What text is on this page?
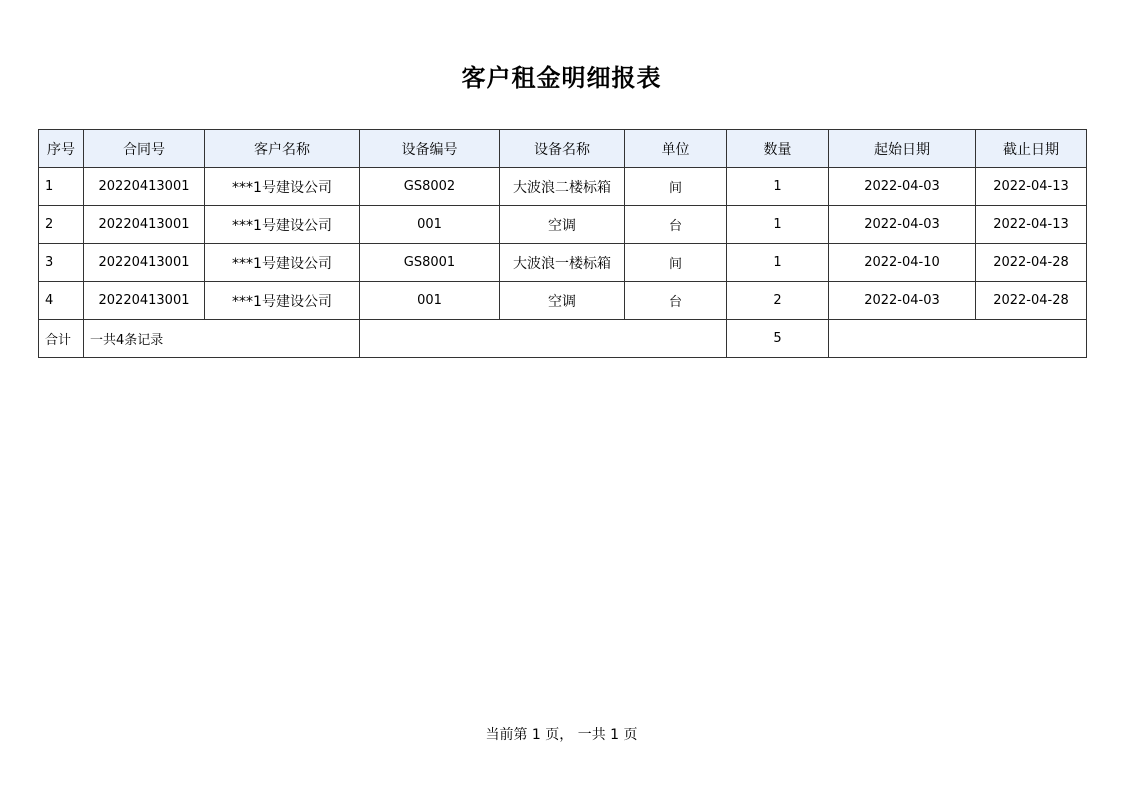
客户租金明细报表
序号	合同号	客户名称	设备编号	设备名称	单位	数量	起始日期	截止日期
1	20220413001	***1号建设公司	GS8002	大波浪二楼标箱	间	1	2022-04-03	2022-04-13
2	20220413001	***1号建设公司	001	空调	台	1	2022-04-03	2022-04-13
3	20220413001	***1号建设公司	GS8001	大波浪一楼标箱	间	1	2022-04-10	2022-04-28
4	20220413001	***1号建设公司	001	空调	台	2	2022-04-03	2022-04-28
合计	一共4条记录					5		
当前第 1 页， 一共 1 页
